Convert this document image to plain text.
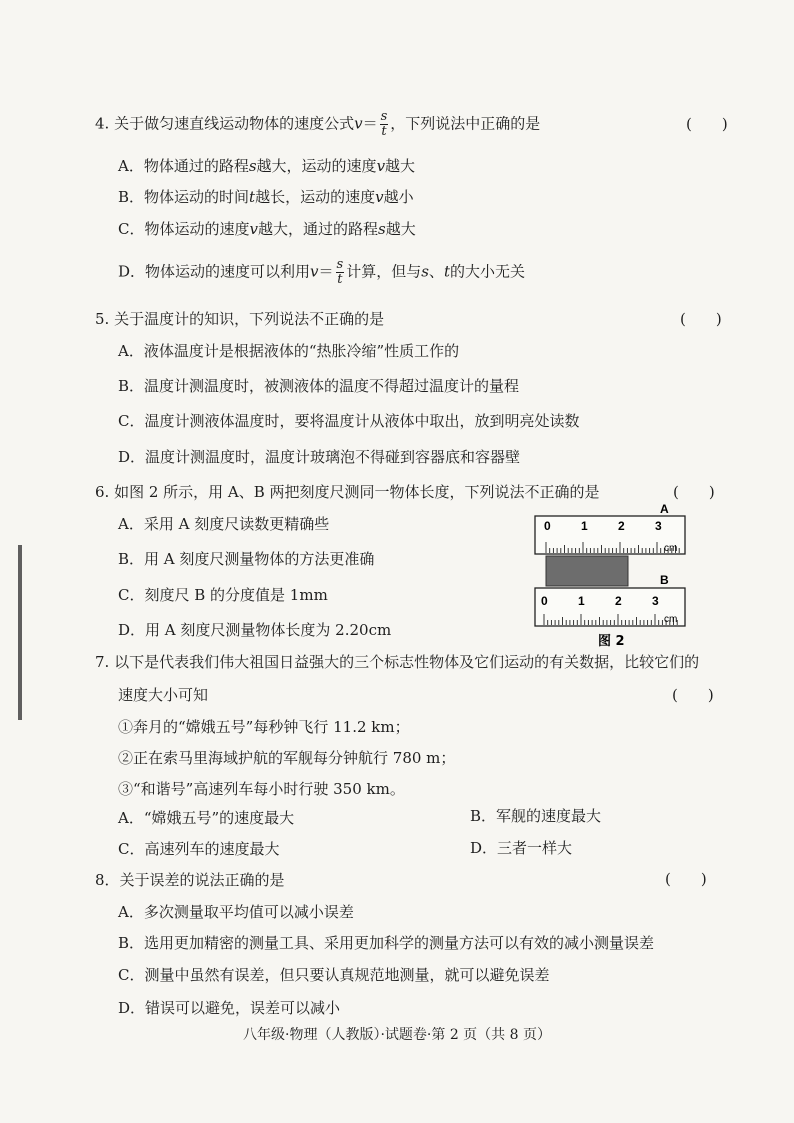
4. 关于做匀速直线运动物体的速度公式$v= \frac{s}{t}$ ，下列说法中正确的是	(　　)
A．物体通过的路程s越大，运动的速度v越大
B．物体运动的时间t越长，运动的速度v越小
C．物体运动的速度v越大，通过的路程s越大
D．物体运动的速度可以利用$v= \frac{s}{t}$ 计算，但与s、t的大小无关
5. 关于温度计的知识，下列说法不正确的是	(　　)
A．液体温度计是根据液体的“热胀冷缩”性质工作的
B．温度计测温度时，被测液体的温度不得超过温度计的量程
C．温度计测液体温度时，要将温度计从液体中取出，放到明亮处读数
D．温度计测温度时，温度计玻璃泡不得碰到容器底和容器壁
6. 如图 2 所示，用 A、B 两把刻度尺测同一物体长度，下列说法不正确的是	(　　)
A．采用 A 刻度尺读数更精确些
B．用 A 刻度尺测量物体的方法更准确
C．刻度尺 B 的分度值是 1mm
D．用 A 刻度尺测量物体长度为 2.20cm
A
0	1	2	3
cm
B
0	1	2	3
cm
图 2
7. 以下是代表我们伟大祖国日益强大的三个标志性物体及它们运动的有关数据，比较它们的
速度大小可知	(　　)
①奔月的“嫦娥五号”每秒钟飞行 11.2 km；
②正在索马里海域护航的军舰每分钟航行 780 m；
③“和谐号”高速列车每小时行驶 350 km。
A．“嫦娥五号”的速度最大	B．军舰的速度最大
C．高速列车的速度最大	D．三者一样大
8．关于误差的说法正确的是	(　　)
A．多次测量取平均值可以减小误差
B．选用更加精密的测量工具、采用更加科学的测量方法可以有效的减小测量误差
C．测量中虽然有误差，但只要认真规范地测量，就可以避免误差
D．错误可以避免，误差可以减小
八年级·物理（人教版）·试题卷·第 2 页（共 8 页）
